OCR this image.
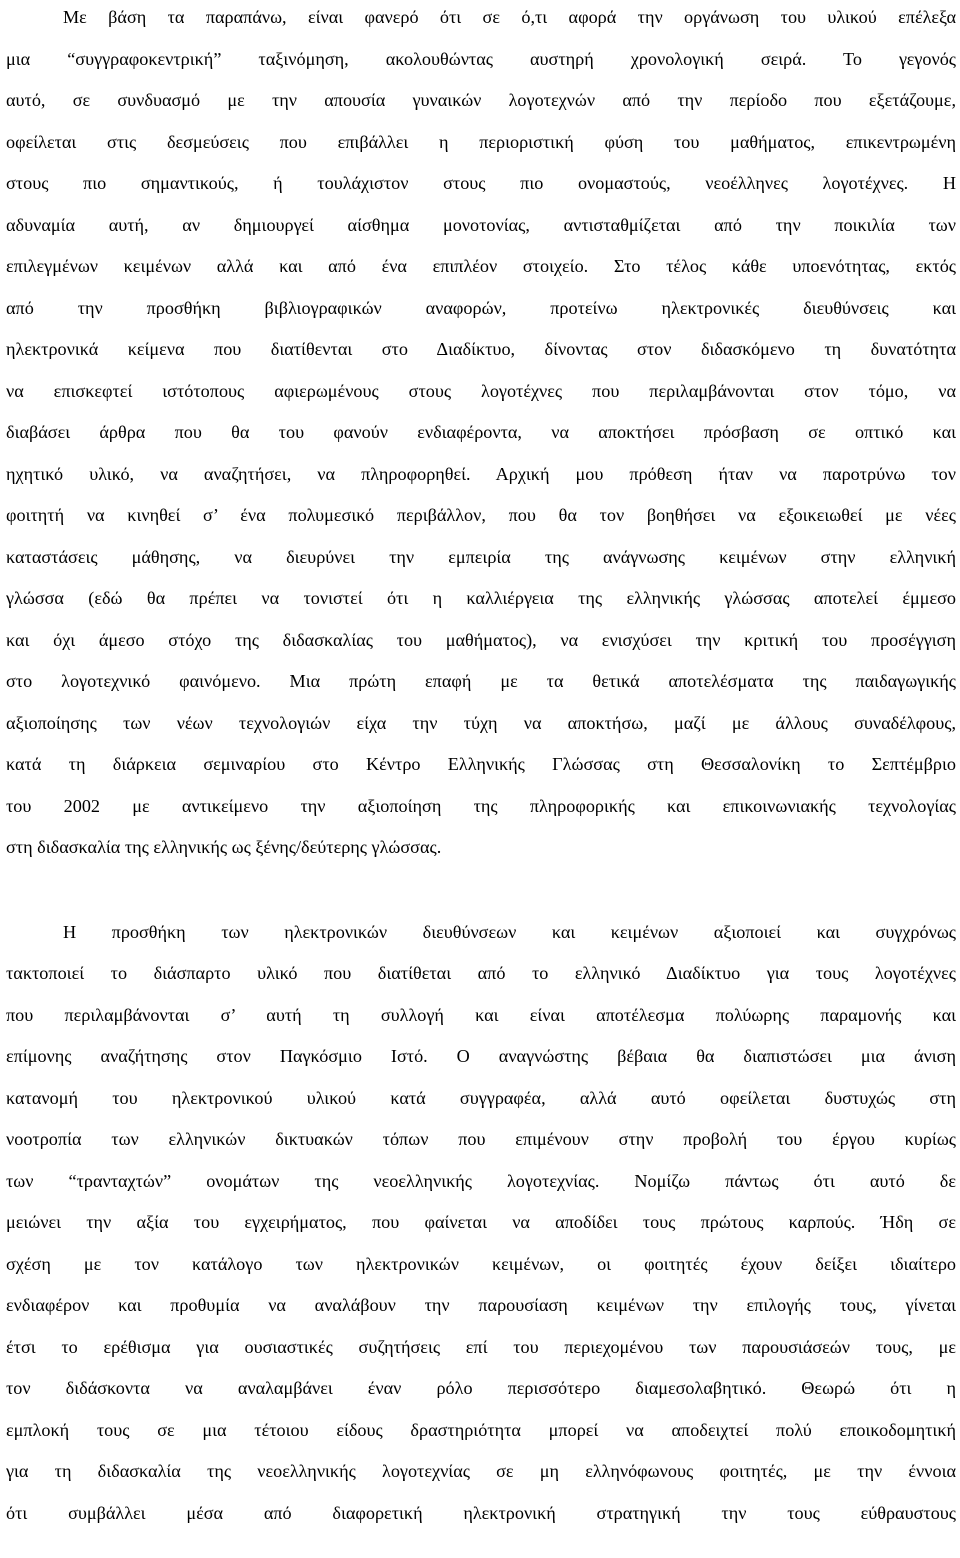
Με βάση τα παραπάνω, είναι φανερό ότι σε ό,τι αφορά την οργάνωση του υλικού επέλεξα
μια “συγγραφοκεντρική” ταξινόμηση, ακολουθώντας αυστηρή χρονολογική σειρά. Το γεγονός
αυτό, σε συνδυασμό με την απουσία γυναικών λογοτεχνών από την περίοδο που εξετάζουμε,
οφείλεται στις δεσμεύσεις που επιβάλλει η περιοριστική φύση του μαθήματος, επικεντρωμένη
στους πιο σημαντικούς, ή τουλάχιστον στους πιο ονομαστούς, νεοέλληνες λογοτέχνες. Η
αδυναμία αυτή, αν δημιουργεί αίσθημα μονοτονίας, αντισταθμίζεται από την ποικιλία των
επιλεγμένων κειμένων αλλά και από ένα επιπλέον στοιχείο. Στο τέλος κάθε υποενότητας, εκτός
από την προσθήκη βιβλιογραφικών αναφορών, προτείνω ηλεκτρονικές διευθύνσεις και
ηλεκτρονικά κείμενα που διατίθενται στο Διαδίκτυο, δίνοντας στον διδασκόμενο τη δυνατότητα
να επισκεφτεί ιστότοπους αφιερωμένους στους λογοτέχνες που περιλαμβάνονται στον τόμο, να
διαβάσει άρθρα που θα του φανούν ενδιαφέροντα, να αποκτήσει πρόσβαση σε οπτικό και
ηχητικό υλικό, να αναζητήσει, να πληροφορηθεί. Αρχική μου πρόθεση ήταν να παροτρύνω τον
φοιτητή να κινηθεί σ’ ένα πολυμεσικό περιβάλλον, που θα τον βοηθήσει να εξοικειωθεί με νέες
καταστάσεις μάθησης, να διευρύνει την εμπειρία της ανάγνωσης κειμένων στην ελληνική
γλώσσα (εδώ θα πρέπει να τονιστεί ότι η καλλιέργεια της ελληνικής γλώσσας αποτελεί έμμεσο
και όχι άμεσο στόχο της διδασκαλίας του μαθήματος), να ενισχύσει την κριτική του προσέγγιση
στο λογοτεχνικό φαινόμενο. Μια πρώτη επαφή με τα θετικά αποτελέσματα της παιδαγωγικής
αξιοποίησης των νέων τεχνολογιών είχα την τύχη να αποκτήσω, μαζί με άλλους συναδέλφους,
κατά τη διάρκεια σεμιναρίου στο Κέντρο Ελληνικής Γλώσσας στη Θεσσαλονίκη το Σεπτέμβριο
του 2002 με αντικείμενο την αξιοποίηση της πληροφορικής και επικοινωνιακής τεχνολογίας
στη διδασκαλία της ελληνικής ως ξένης/δεύτερης γλώσσας.
Η προσθήκη των ηλεκτρονικών διευθύνσεων και κειμένων αξιοποιεί και συγχρόνως
τακτοποιεί το διάσπαρτο υλικό που διατίθεται από το ελληνικό Διαδίκτυο για τους λογοτέχνες
που περιλαμβάνονται σ’ αυτή τη συλλογή και είναι αποτέλεσμα πολύωρης παραμονής και
επίμονης αναζήτησης στον Παγκόσμιο Ιστό. Ο αναγνώστης βέβαια θα διαπιστώσει μια άνιση
κατανομή του ηλεκτρονικού υλικού κατά συγγραφέα, αλλά αυτό οφείλεται δυστυχώς στη
νοοτροπία των ελληνικών δικτυακών τόπων που επιμένουν στην προβολή του έργου κυρίως
των “τρανταχτών” ονομάτων της νεοελληνικής λογοτεχνίας. Νομίζω πάντως ότι αυτό δε
μειώνει την αξία του εγχειρήματος, που φαίνεται να αποδίδει τους πρώτους καρπούς. Ήδη σε
σχέση με τον κατάλογο των ηλεκτρονικών κειμένων, οι φοιτητές έχουν δείξει ιδιαίτερο
ενδιαφέρον και προθυμία να αναλάβουν την παρουσίαση κειμένων την επιλογής τους, γίνεται
έτσι το ερέθισμα για ουσιαστικές συζητήσεις επί του περιεχομένου των παρουσιάσεών τους, με
τον διδάσκοντα να αναλαμβάνει έναν ρόλο περισσότερο διαμεσολαβητικό. Θεωρώ ότι η
εμπλοκή τους σε μια τέτοιου είδους δραστηριότητα μπορεί να αποδειχτεί πολύ εποικοδομητική
για τη διδασκαλία της νεοελληνικής λογοτεχνίας σε μη ελληνόφωνους φοιτητές, με την έννοια
ότι συμβάλλει μέσα από διαφορετική ηλεκτρονική στρατηγική την τους εύθραυστους
